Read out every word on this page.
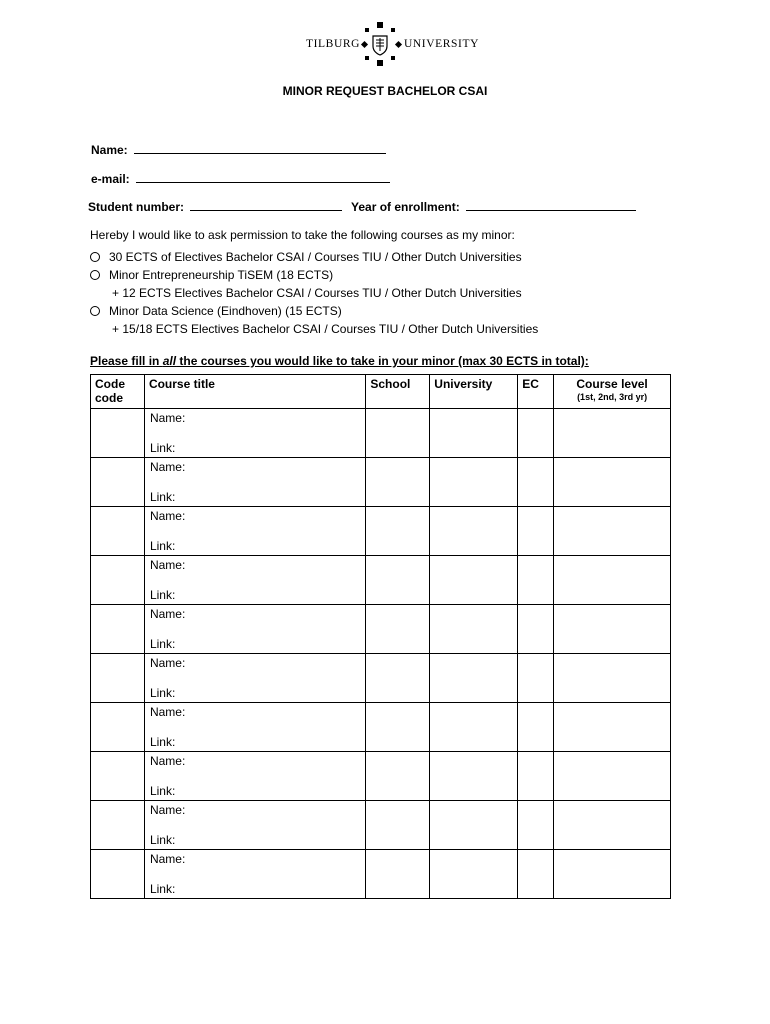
TILBURG	UNIVERSITY
MINOR REQUEST BACHELOR CSAI
Name:
e-mail:
Student number:	Year of enrollment:
Hereby I would like to ask permission to take the following courses as my minor:
30 ECTS of Electives Bachelor CSAI / Courses TIU / Other Dutch Universities
Minor Entrepreneurship TiSEM (18 ECTS)
+ 12 ECTS Electives Bachelor CSAI / Courses TIU / Other Dutch Universities
Minor Data Science (Eindhoven) (15 ECTS)
+ 15/18 ECTS Electives Bachelor CSAI / Courses TIU / Other Dutch Universities
Please fill in all the courses you would like to take in your minor (max 30 ECTS in total):
Code code	Course title	School	University	EC	Course level
(1st, 2nd, 3rd yr)

	Name:
Link:				

	Name:
Link:				

	Name:
Link:				

	Name:
Link:				

	Name:
Link:				

	Name:
Link:				

	Name:
Link:				

	Name:
Link:				

	Name:
Link:				

	Name:
Link:				
